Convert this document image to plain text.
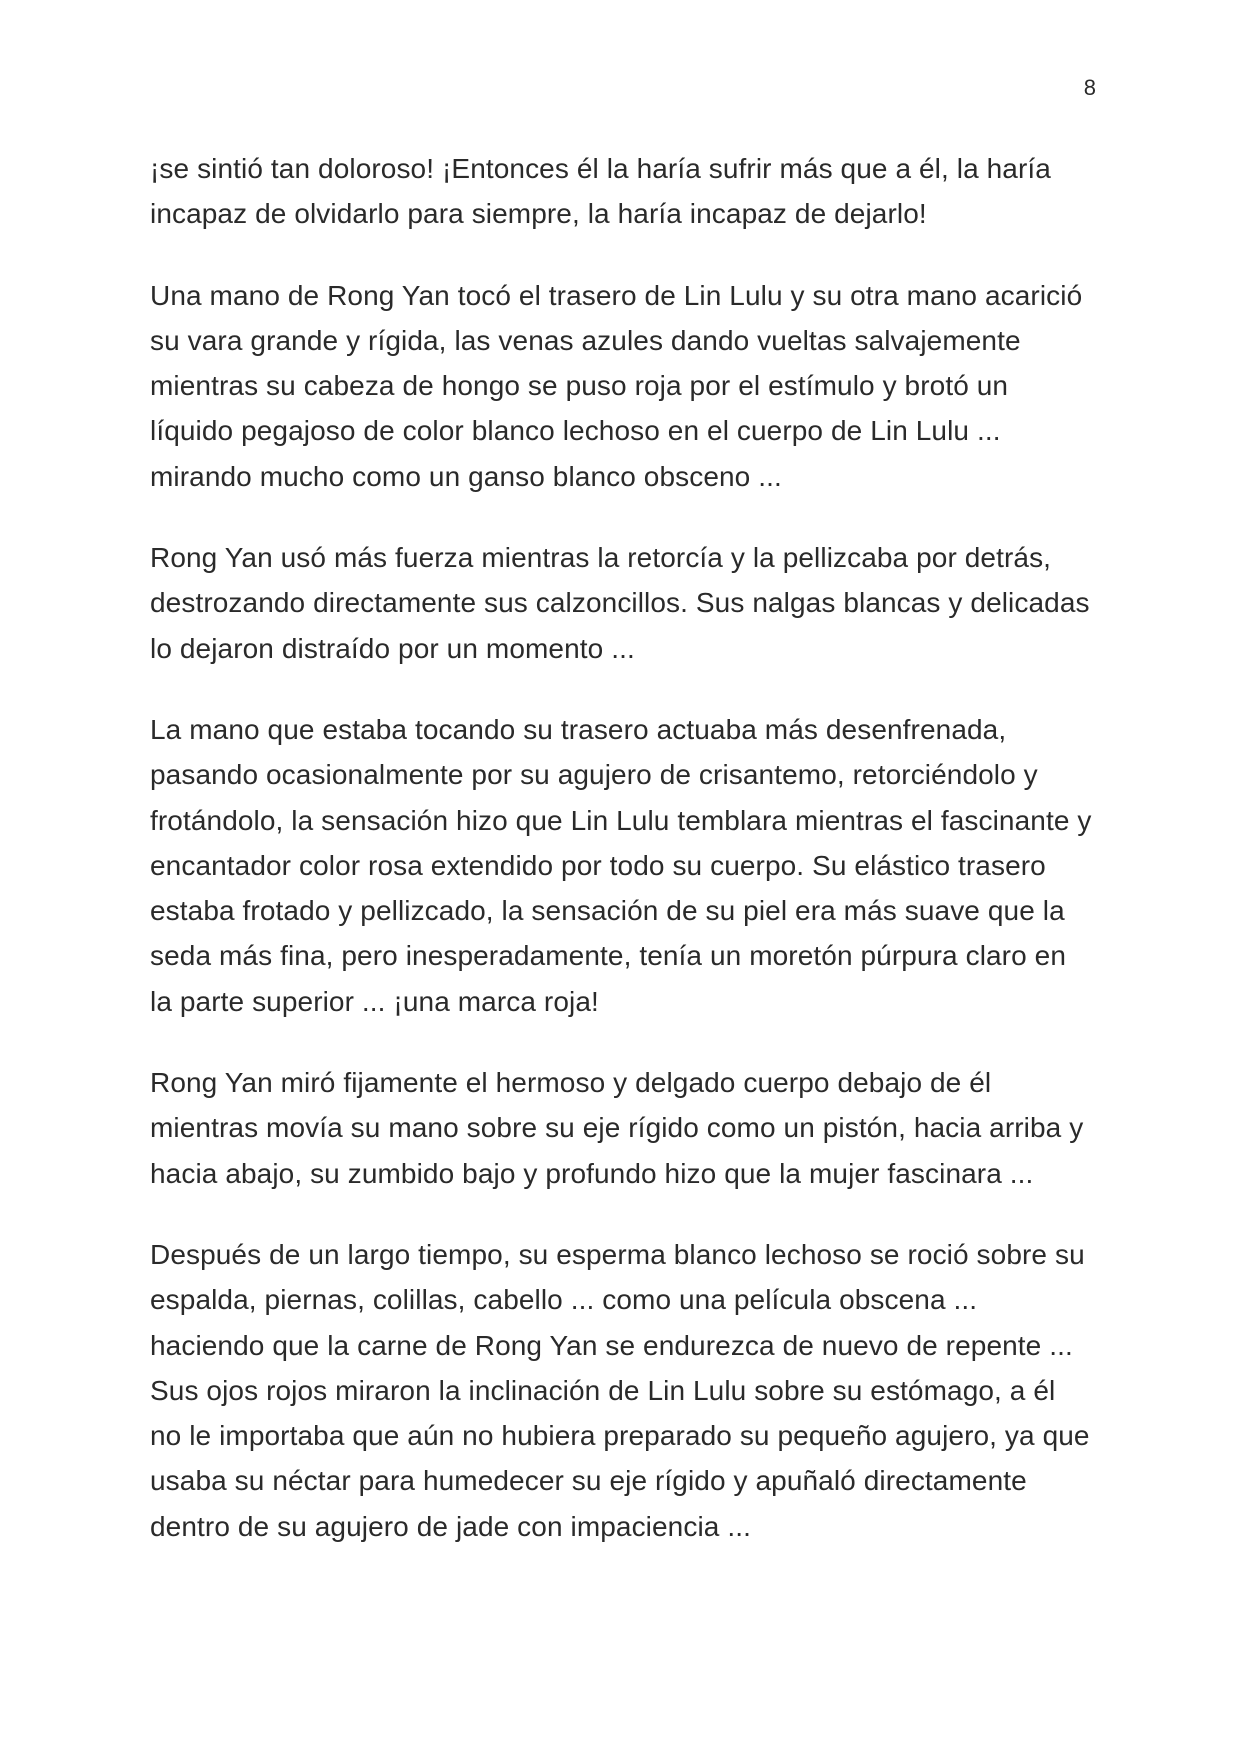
8

¡se sintió tan doloroso! ¡Entonces él la haría sufrir más que a él, la haría
incapaz de olvidarlo para siempre, la haría incapaz de dejarlo!

Una mano de Rong Yan tocó el trasero de Lin Lulu y su otra mano acarició
su vara grande y rígida, las venas azules dando vueltas salvajemente
mientras su cabeza de hongo se puso roja por el estímulo y brotó un
líquido pegajoso de color blanco lechoso en el cuerpo de Lin Lulu ...
mirando mucho como un ganso blanco obsceno ...

Rong Yan usó más fuerza mientras la retorcía y la pellizcaba por detrás,
destrozando directamente sus calzoncillos. Sus nalgas blancas y delicadas
lo dejaron distraído por un momento ...

La mano que estaba tocando su trasero actuaba más desenfrenada,
pasando ocasionalmente por su agujero de crisantemo, retorciéndolo y
frotándolo, la sensación hizo que Lin Lulu temblara mientras el fascinante y
encantador color rosa extendido por todo su cuerpo. Su elástico trasero
estaba frotado y pellizcado, la sensación de su piel era más suave que la
seda más fina, pero inesperadamente, tenía un moretón púrpura claro en
la parte superior ... ¡una marca roja!

Rong Yan miró fijamente el hermoso y delgado cuerpo debajo de él
mientras movía su mano sobre su eje rígido como un pistón, hacia arriba y
hacia abajo, su zumbido bajo y profundo hizo que la mujer fascinara ...

Después de un largo tiempo, su esperma blanco lechoso se roció sobre su
espalda, piernas, colillas, cabello ... como una película obscena ...
haciendo que la carne de Rong Yan se endurezca de nuevo de repente ...
Sus ojos rojos miraron la inclinación de Lin Lulu sobre su estómago, a él
no le importaba que aún no hubiera preparado su pequeño agujero, ya que
usaba su néctar para humedecer su eje rígido y apuñaló directamente
dentro de su agujero de jade con impaciencia ...
